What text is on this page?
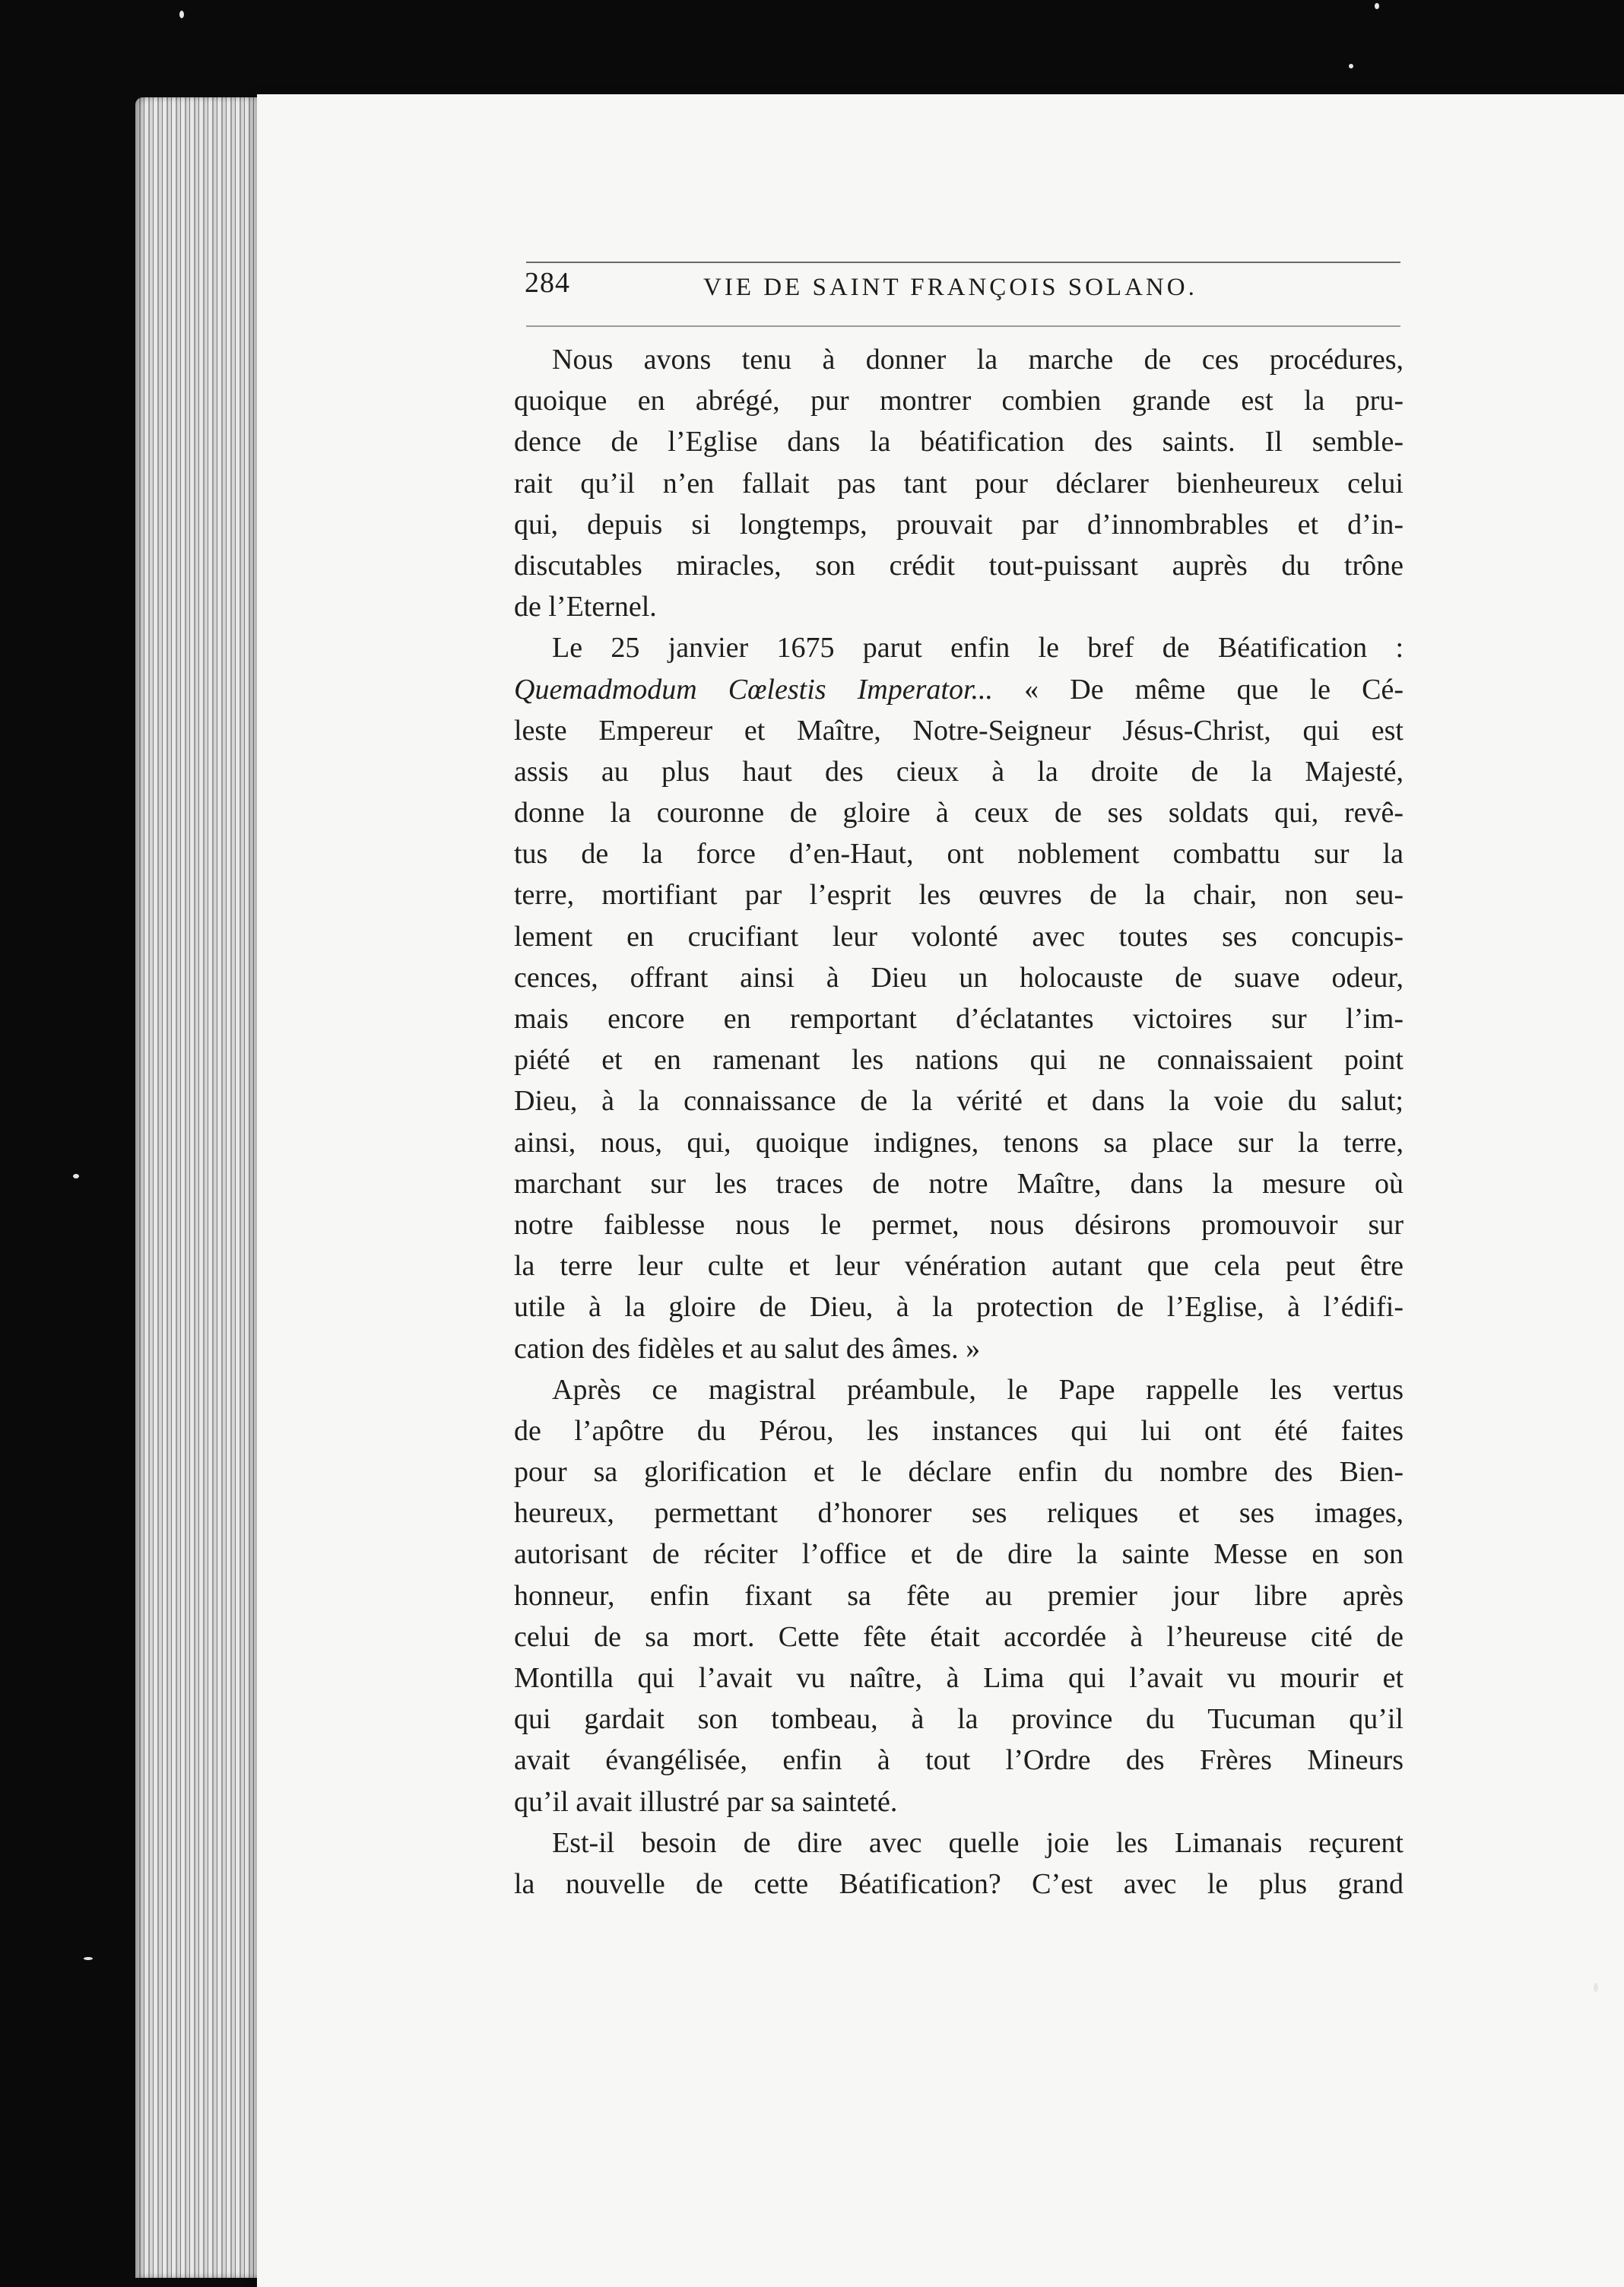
284	VIE DE SAINT FRANÇOIS SOLANO.
Nous avons tenu à donner la marche de ces procédures,
quoique en abrégé, pur montrer combien grande est la pru-
dence de l’Eglise dans la béatification des saints. Il semble-
rait qu’il n’en fallait pas tant pour déclarer bienheureux celui
qui, depuis si longtemps, prouvait par d’innombrables et d’in-
discutables miracles, son crédit tout-puissant auprès du trône
de l’Eternel.
Le 25 janvier 1675 parut enfin le bref de Béatification :
Quemadmodum Cœlestis Imperator... « De même que le Cé-
leste Empereur et Maître, Notre-Seigneur Jésus-Christ, qui est
assis au plus haut des cieux à la droite de la Majesté,
donne la couronne de gloire à ceux de ses soldats qui, revê-
tus de la force d’en-Haut, ont noblement combattu sur la
terre, mortifiant par l’esprit les œuvres de la chair, non seu-
lement en crucifiant leur volonté avec toutes ses concupis-
cences, offrant ainsi à Dieu un holocauste de suave odeur,
mais encore en remportant d’éclatantes victoires sur l’im-
piété et en ramenant les nations qui ne connaissaient point
Dieu, à la connaissance de la vérité et dans la voie du salut;
ainsi, nous, qui, quoique indignes, tenons sa place sur la terre,
marchant sur les traces de notre Maître, dans la mesure où
notre faiblesse nous le permet, nous désirons promouvoir sur
la terre leur culte et leur vénération autant que cela peut être
utile à la gloire de Dieu, à la protection de l’Eglise, à l’édifi-
cation des fidèles et au salut des âmes. »
Après ce magistral préambule, le Pape rappelle les vertus
de l’apôtre du Pérou, les instances qui lui ont été faites
pour sa glorification et le déclare enfin du nombre des Bien-
heureux, permettant d’honorer ses reliques et ses images,
autorisant de réciter l’office et de dire la sainte Messe en son
honneur, enfin fixant sa fête au premier jour libre après
celui de sa mort. Cette fête était accordée à l’heureuse cité de
Montilla qui l’avait vu naître, à Lima qui l’avait vu mourir et
qui gardait son tombeau, à la province du Tucuman qu’il
avait évangélisée, enfin à tout l’Ordre des Frères Mineurs
qu’il avait illustré par sa sainteté.
Est-il besoin de dire avec quelle joie les Limanais reçurent
la nouvelle de cette Béatification? C’est avec le plus grand
